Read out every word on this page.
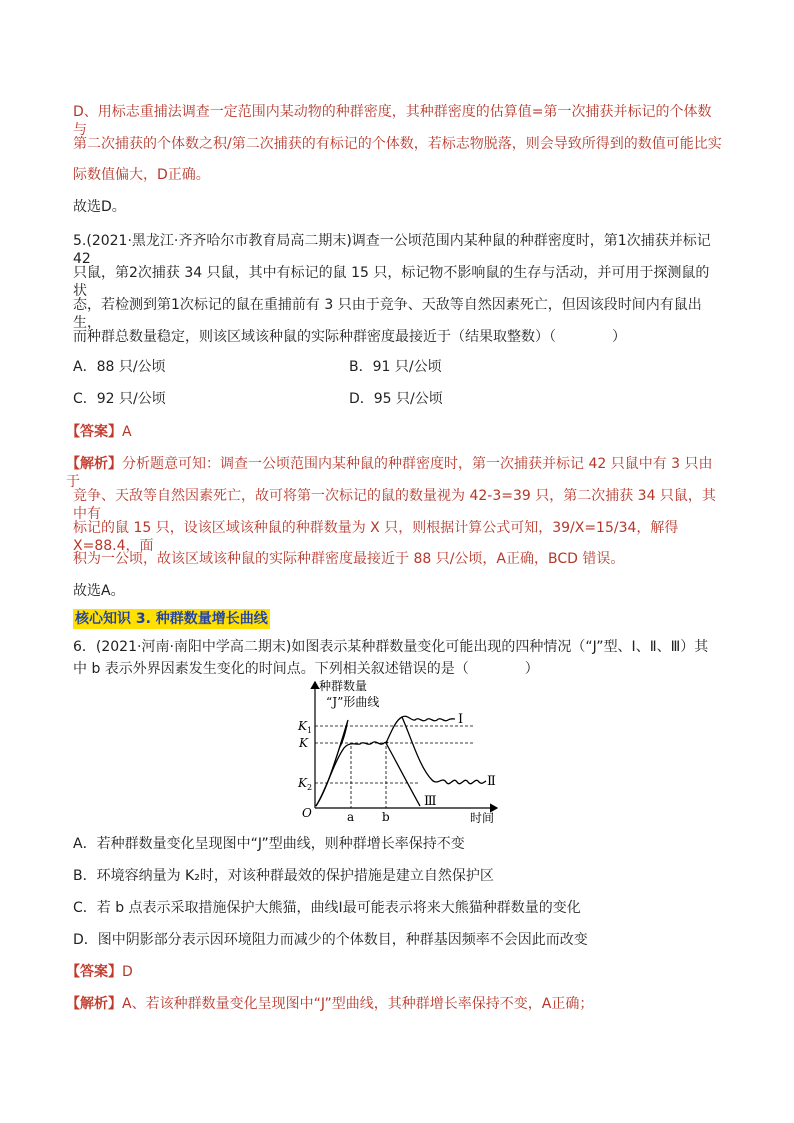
D、用标志重捕法调查一定范围内某动物的种群密度，其种群密度的估算值=第一次捕获并标记的个体数与
第二次捕获的个体数之积/第二次捕获的有标记的个体数，若标志物脱落，则会导致所得到的数值可能比实
际数值偏大，D正确。
故选D。
5.(2021·黑龙江·齐齐哈尔市教育局高二期末)调查一公顷范围内某种鼠的种群密度时，第1次捕获并标记 42
只鼠，第2次捕获 34 只鼠，其中有标记的鼠 15 只，标记物不影响鼠的生存与活动，并可用于探测鼠的状
态，若检测到第1次标记的鼠在重捕前有 3 只由于竞争、天敌等自然因素死亡，但因该段时间内有鼠出生，
而种群总数量稳定，则该区域该种鼠的实际种群密度最接近于（结果取整数）（　　　　）
A．88 只/公顷	B．91 只/公顷
C．92 只/公顷	D．95 只/公顷
【答案】A
【解析】分析题意可知：调查一公顷范围内某种鼠的种群密度时，第一次捕获并标记 42 只鼠中有 3 只由于
竞争、天敌等自然因素死亡，故可将第一次标记的鼠的数量视为 42-3=39 只，第二次捕获 34 只鼠，其中有
标记的鼠 15 只，设该区域该种鼠的种群数量为 X 只，则根据计算公式可知，39/X=15/34，解得 X=88.4，面
积为一公顷，故该区域该种鼠的实际种群密度最接近于 88 只/公顷，A正确，BCD 错误。
故选A。
核心知识 3. 种群数量增长曲线
6．(2021·河南·南阳中学高二期末)如图表示某种群数量变化可能出现的四种情况（“J”型、Ⅰ、Ⅱ、Ⅲ）其
中 b 表示外界因素发生变化的时间点。下列相关叙述错误的是（　　　　）
种群数量
“J”形曲线
时间
O
K 1
K
K 2
a b
Ⅰ
Ⅱ
Ⅲ
A．若种群数量变化呈现图中“J”型曲线，则种群增长率保持不变
B．环境容纳量为 K₂时，对该种群最效的保护措施是建立自然保护区
C．若 b 点表示采取措施保护大熊猫，曲线Ⅰ最可能表示将来大熊猫种群数量的变化
D．图中阴影部分表示因环境阻力而减少的个体数目，种群基因频率不会因此而改变
【答案】D
【解析】A、若该种群数量变化呈现图中“J”型曲线，其种群增长率保持不变，A正确；
